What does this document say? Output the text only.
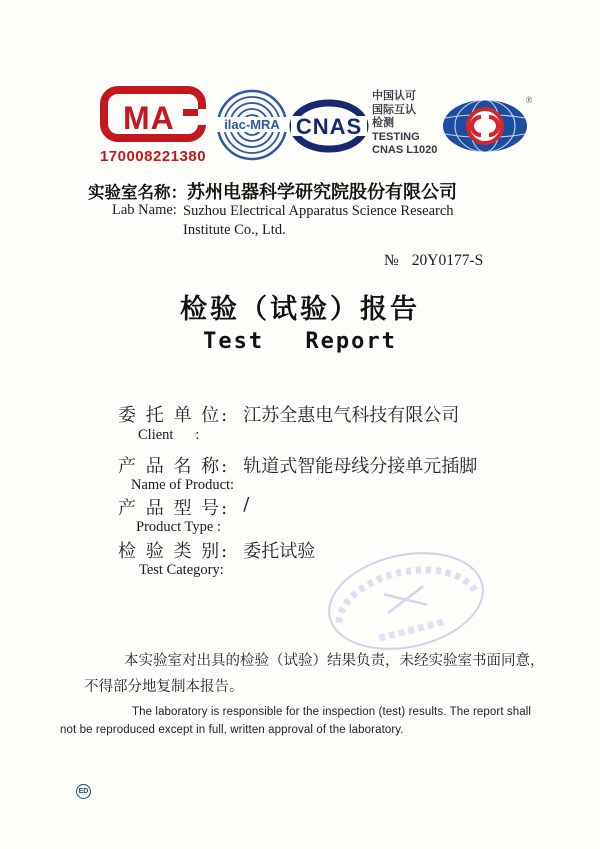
MA
170008221380
ilac-MRA CNAS
中国认可
国际互认
检测
TESTING
CNAS L1020
®
实验室名称：苏州电器科学研究院股份有限公司
Lab Name: Suzhou Electrical Apparatus Science Research
Institute Co., Ltd.
№ 20Y0177-S
检验（试验）报告
Test Report
委 托 单 位: 江苏全惠电气科技有限公司
Client      :
产 品 名 称: 轨道式智能母线分接单元插脚
Name of Product:
产 品 型 号: /
Product Type :
检 验 类 别: 委托试验
Test Category:
本实验室对出具的检验（试验）结果负责，未经实验室书面同意，
不得部分地复制本报告。
The laboratory is responsible for the inspection (test) results. The report shall
not be reproduced except in full, written approval of the laboratory.
ED
